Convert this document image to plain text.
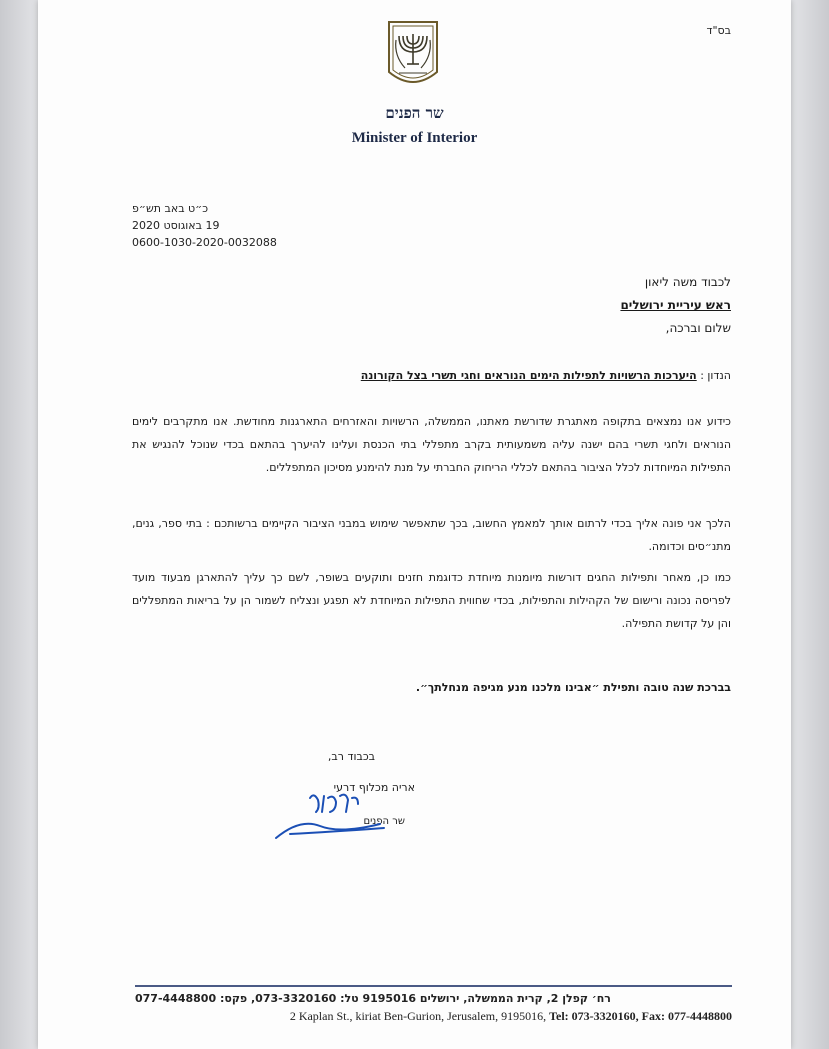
בס"ד
שר הפנים
Minister of Interior
כ״ט באב תש״פ
19 באוגוסט 2020
0600-1030-2020-0032088
לכבוד משה ליאון
ראש עיריית ירושלים
שלום וברכה,
הנדון : היערכות הרשויות לתפילות הימים הנוראים וחגי תשרי בצל הקורונה
כידוע אנו נמצאים בתקופה מאתגרת שדורשת מאתנו, הממשלה, הרשויות והאזרחים התארגנות מחודשת. אנו מתקרבים לימים הנוראים ולחגי תשרי בהם ישנה עליה משמעותית בקרב מתפללי בתי הכנסת ועלינו להיערך בהתאם בכדי שנוכל להנגיש את התפילות המיוחדות לכלל הציבור בהתאם לכללי הריחוק החברתי על מנת להימנע מסיכון המתפללים.
הלכך אני פונה אליך בכדי לרתום אותך למאמץ החשוב, בכך שתאפשר שימוש במבני הציבור הקיימים ברשותכם : בתי ספר, גנים, מתנ״סים וכדומה.
כמו כן, מאחר ותפילות החגים דורשות מיומנות מיוחדת כדוגמת חזנים ותוקעים בשופר, לשם כך עליך להתארגן מבעוד מועד לפריסה נכונה ורישום של הקהילות והתפילות, בכדי שחווית התפילות המיוחדת לא תפגע ונצליח לשמור הן על בריאות המתפללים והן על קדושת התפילה.
בברכת שנה טובה ותפילת ״אבינו מלכנו מנע מגיפה מנחלתך״.
בכבוד רב,
אריה מכלוף דרעי
שר הפנים
רח׳ קפלן 2, קרית הממשלה, ירושלים 9195016 טל: 073-3320160, פקס: 077-4448800
2 Kaplan St., kiriat Ben-Gurion, Jerusalem, 9195016, Tel: 073-3320160, Fax: 077-4448800
